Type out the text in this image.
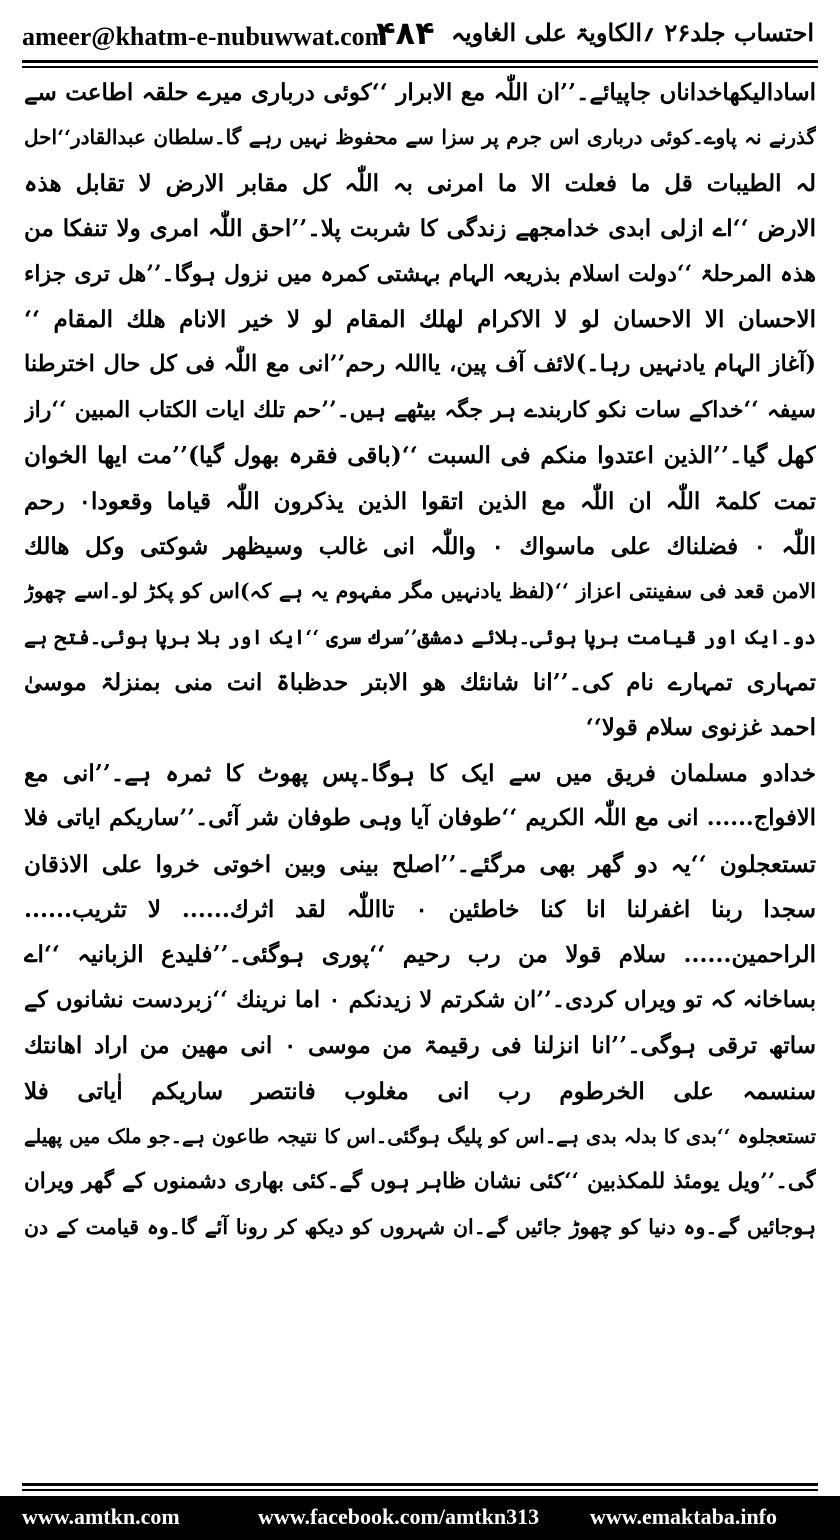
ameer@khatm-e-nubuwwat.com
۴۸۴ احتساب جلد۲۶ ؍الکاویۃ علی الغاویہ
اسادالیکھاخداناں جاپیائے۔’’ان اللّٰہ مع الابرار ‘‘کوئی درباری میرے حلقہ اطاعت سے
گذرنے نہ پاوے۔کوئی درباری اس جرم پر سزا سے محفوظ نہیں رہے گا۔سلطان عبدالقادر‘‘احل
لہ الطیبات قل ما فعلت الا ما امرنی بہ اللّٰہ کل مقابر الارض لا تقابل ھذہ
الارض ‘‘اے ازلی ابدی خدامجھے زندگی کا شربت پلا۔’’احق اللّٰہ امری ولا تنفکا من
ھذہ المرحلۃ ‘‘دولت اسلام بذریعہ الہام بہشتی کمرہ میں نزول ہوگا۔’’ھل تری جزاء
الاحسان الا الاحسان لو لا الاکرام لھلك المقام لو لا خیر الانام ھلك المقام ‘‘
(آغاز الہام یادنہیں رہا۔)لائف آف پین، یااللہ رحم’’انی مع اللّٰہ فی کل حال اخترطنا
سیفہ ‘‘خداکے سات نکو کاربندے ہر جگہ بیٹھے ہیں۔’’حم تلك ایات الکتاب المبین ‘‘راز
کھل گیا۔’’الذین اعتدوا منکم فی السبت ‘‘(باقی فقرہ بھول گیا)’’مت ایھا الخوان
تمت کلمۃ اللّٰہ ان اللّٰہ مع الذین اتقوا الذین یذکرون اللّٰہ قیاما وقعودا۰ رحم
اللّٰہ ۰ فضلناك علی ماسواك ۰ واللّٰہ انی غالب وسیظھر شوکتی وکل ھالك
الامن قعد فی سفینتی اعزاز ‘‘(لفظ یادنہیں مگر مفہوم یہ ہے کہ)اس کو پکڑ لو۔اسے چھوڑ
دو۔ایک اور قیامت برپا ہوئی۔بلائے دمشق’’سرك سری ‘‘ایک اور بلا برپا ہوئی۔فتح ہے
تمہاری تمہارے نام کی۔’’انا شانئك ھو الابتر حدظباۃ انت منی بمنزلۃ موسیٰ
احمد غزنوی سلام قولا‘‘
خدادو مسلمان فریق میں سے ایک کا ہوگا۔پس پھوٹ کا ثمرہ ہے۔’’انی مع
الافواج...... انی مع اللّٰہ الکریم ‘‘طوفان آیا وہی طوفان شر آئی۔’’ساریکم ایاتی فلا
تستعجلون ‘‘یہ دو گھر بھی مرگئے۔’’اصلح بینی وبین اخوتی خروا علی الاذقان
سجدا ربنا اغفرلنا انا کنا خاطئین ۰ تااللّٰہ لقد اثرك...... لا تثریب......
الراحمین...... سلام قولا من رب رحیم ‘‘پوری ہوگئی۔’’فلیدع الزبانیہ ‘‘اے
بساخانہ کہ تو ویراں کردی۔’’ان شکرتم لا زیدنکم ۰ اما نرینك ‘‘زبردست نشانوں کے
ساتھ ترقی ہوگی۔’’انا انزلنا فی رقیمۃ من موسی ۰ انی مھین من اراد اھانتك
سنسمہ علی الخرطوم رب انی مغلوب فانتصر ساریکم اٰیاتی فلا
تستعجلوہ ‘‘بدی کا بدلہ بدی ہے۔اس کو پلیگ ہوگئی۔اس کا نتیجہ طاعون ہے۔جو ملک میں پھیلے
گی۔’’ویل یومئذ للمکذبین ‘‘کئی نشان ظاہر ہوں گے۔کئی بھاری دشمنوں کے گھر ویران
ہوجائیں گے۔وہ دنیا کو چھوڑ جائیں گے۔ان شہروں کو دیکھ کر رونا آئے گا۔وہ قیامت کے دن
www.amtkn.com	www.facebook.com/amtkn313 www.emaktaba.info
